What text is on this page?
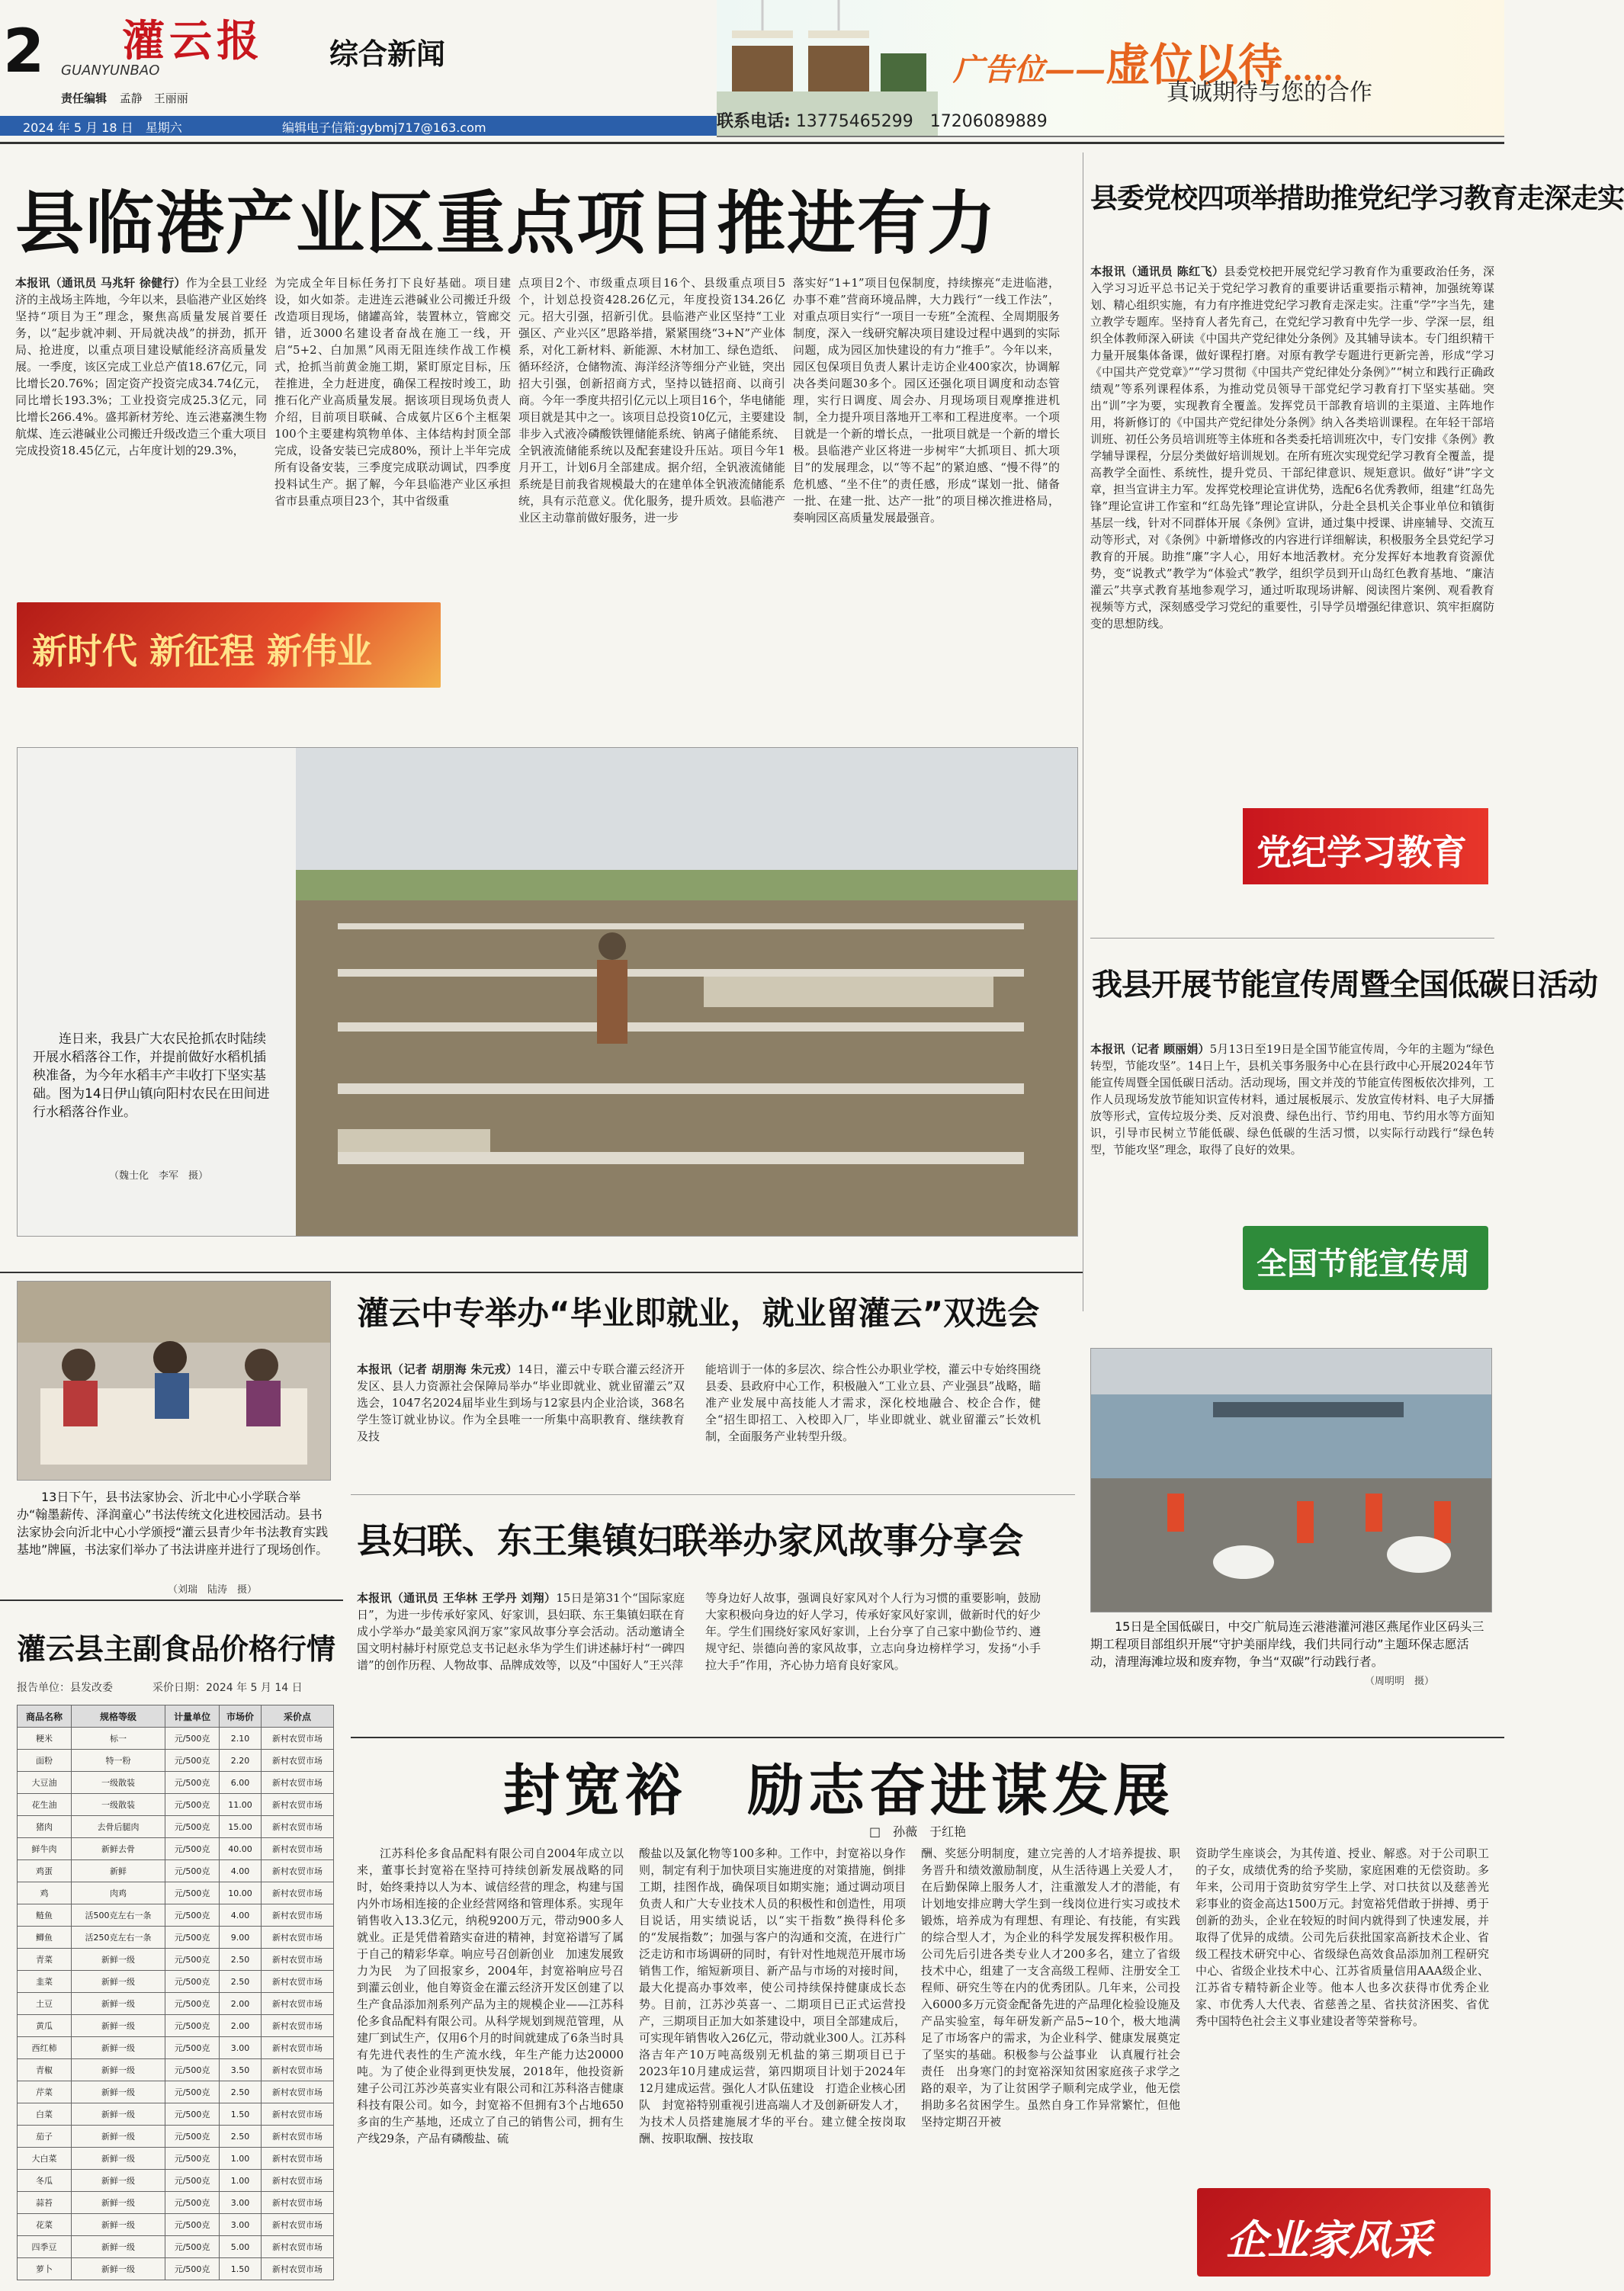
2 灌云报
GUANYUNBAO
责任编辑 孟静　王丽丽
综合新闻
2024 年 5 月 18 日　星期六	编辑电子信箱:gybmj717@163.com
广告位——虚位以待……
真诚期待与您的合作
联系电话: 13775465299　17206089889
县临港产业区重点项目推进有力
本报讯（通讯员 马兆轩 徐健行）作为全县工业经济的主战场主阵地，今年以来，县临港产业区始终坚持“项目为王”理念，聚焦高质量发展首要任务，以“起步就冲刺、开局就决战”的拼劲，抓开局、抢进度，以重点项目建设赋能经济高质量发展。一季度，该区完成工业总产值18.67亿元，同比增长20.76%；固定资产投资完成34.74亿元，同比增长193.3%；工业投资完成25.3亿元，同比增长266.4%。盛邦新材芳纶、连云港嘉澳生物航煤、连云港碱业公司搬迁升级改造三个重大项目完成投资18.45亿元，占年度计划的29.3%，
为完成全年目标任务打下良好基础。项目建设，如火如荼。走进连云港碱业公司搬迁升级改造项目现场，储罐高耸，装置林立，管廊交错，近3000名建设者奋战在施工一线，开启“5+2、白加黑”风雨无阻连续作战工作模式，抢抓当前黄金施工期，紧盯原定目标，压茬推进，全力赶进度，确保工程按时竣工，助推石化产业高质量发展。据该项目现场负责人介绍，目前项目联碱、合成氨片区6个主框架100个主要建构筑物单体、主体结构封顶全部完成，设备安装已完成80%，预计上半年完成所有设备安装，三季度完成联动调试，四季度投料试生产。据了解，今年县临港产业区承担省市县重点项目23个，其中省级重
点项目2个、市级重点项目16个、县级重点项目5个，计划总投资428.26亿元，年度投资134.26亿元。招大引强，招新引优。县临港产业区坚持“工业强区、产业兴区”思路举措，紧紧围绕“3+N”产业体系，对化工新材料、新能源、木材加工、绿色造纸、循环经济，仓储物流、海洋经济等细分产业链，突出招大引强，创新招商方式，坚持以链招商、以商引商。今年一季度共招引亿元以上项目16个，华电储能项目就是其中之一。该项目总投资10亿元，主要建设非步入式液冷磷酸铁锂储能系统、钠离子储能系统、全钒液流储能系统以及配套建设升压站。项目今年1月开工，计划6月全部建成。据介绍，全钒液流储能系统是目前我省规模最大的在建单体全钒液流储能系统，具有示范意义。优化服务，提升质效。县临港产业区主动靠前做好服务，进一步
落实好“1+1”项目包保制度，持续擦亮“走进临港，办事不难”营商环境品牌，大力践行“一线工作法”，对重点项目实行“一项目一专班”全流程、全周期服务制度，深入一线研究解决项目建设过程中遇到的实际问题，成为园区加快建设的有力“推手”。今年以来，园区包保项目负责人累计走访企业400家次，协调解决各类问题30多个。园区还强化项目调度和动态管理，实行日调度、周会办、月现场项目观摩推进机制，全力提升项目落地开工率和工程进度率。一个项目就是一个新的增长点，一批项目就是一个新的增长极。县临港产业区将进一步树牢“大抓项目、抓大项目”的发展理念，以“等不起”的紧迫感、“慢不得”的危机感、“坐不住”的责任感，形成“谋划一批、储备一批、在建一批、达产一批”的项目梯次推进格局，奏响园区高质量发展最强音。
新时代 新征程 新伟业
连日来，我县广大农民抢抓农时陆续开展水稻落谷工作，并提前做好水稻机插秧准备，为今年水稻丰产丰收打下坚实基础。图为14日伊山镇向阳村农民在田间进行水稻落谷作业。
（魏士化　李军　摄）
县委党校四项举措助推党纪学习教育走深走实
本报讯（通讯员 陈红飞）县委党校把开展党纪学习教育作为重要政治任务，深入学习习近平总书记关于党纪学习教育的重要讲话重要指示精神，加强统筹谋划、精心组织实施，有力有序推进党纪学习教育走深走实。注重“学”字当先，建立教学专题库。坚持育人者先育己，在党纪学习教育中先学一步、学深一层，组织全体教师深入研读《中国共产党纪律处分条例》及其辅导读本。专门组织精干力量开展集体备课，做好课程打磨。对原有教学专题进行更新完善，形成“学习《中国共产党党章》”“学习贯彻《中国共产党纪律处分条例》”“树立和践行正确政绩观”等系列课程体系，为推动党员领导干部党纪学习教育打下坚实基础。突出“训”字为要，实现教育全覆盖。发挥党员干部教育培训的主渠道、主阵地作用，将新修订的《中国共产党纪律处分条例》纳入各类培训课程。在年轻干部培训班、初任公务员培训班等主体班和各类委托培训班次中，专门安排《条例》教学辅导课程，分层分类做好培训规划。在所有班次实现党纪学习教育全覆盖，提高教学全面性、系统性，提升党员、干部纪律意识、规矩意识。做好“讲”字文章，担当宣讲主力军。发挥党校理论宣讲优势，选配6名优秀教师，组建“红岛先锋”理论宣讲工作室和“红岛先锋”理论宣讲队，分赴全县机关企事业单位和镇街基层一线，针对不同群体开展《条例》宣讲，通过集中授课、讲座辅导、交流互动等形式，对《条例》中新增修改的内容进行详细解读，积极服务全县党纪学习教育的开展。助推“廉”字人心，用好本地活教材。充分发挥好本地教育资源优势，变“说教式”教学为“体验式”教学，组织学员到开山岛红色教育基地、“廉洁灌云”共享式教育基地参观学习，通过听取现场讲解、阅读图片案例、观看教育视频等方式，深刻感受学习党纪的重要性，引导学员增强纪律意识、筑牢拒腐防变的思想防线。
党纪学习教育
我县开展节能宣传周暨全国低碳日活动
本报讯（记者 顾丽娟）5月13日至19日是全国节能宣传周，今年的主题为“绿色转型，节能攻坚”。14日上午，县机关事务服务中心在县行政中心开展2024年节能宣传周暨全国低碳日活动。活动现场，围文并茂的节能宣传图板依次排列，工作人员现场发放节能知识宣传材料，通过展板展示、发放宣传材料、电子大屏播放等形式，宣传垃圾分类、反对浪费、绿色出行、节约用电、节约用水等方面知识，引导市民树立节能低碳、绿色低碳的生活习惯，以实际行动践行“绿色转型，节能攻坚”理念，取得了良好的效果。
全国节能宣传周
13日下午，县书法家协会、沂北中心小学联合举办“翰墨薪传、泽润童心”书法传统文化进校园活动。县书法家协会向沂北中心小学颁授“灌云县青少年书法教育实践基地”牌匾，书法家们举办了书法讲座并进行了现场创作。
（刘瑞　陆涛　摄）
灌云中专举办“毕业即就业，就业留灌云”双选会
本报讯（记者 胡朋海 朱元戎）14日，灌云中专联合灌云经济开发区、县人力资源社会保障局举办“毕业即就业、就业留灌云”双选会，1047名2024届毕业生到场与12家县内企业洽谈，368名学生签订就业协议。作为全县唯一一所集中高职教育、继续教育及技
能培训于一体的多层次、综合性公办职业学校，灌云中专始终围绕县委、县政府中心工作，积极融入“工业立县、产业强县”战略，瞄准产业发展中高技能人才需求，深化校地融合、校企合作，健全“招生即招工、入校即入厂，毕业即就业、就业留灌云”长效机制，全面服务产业转型升级。
县妇联、东王集镇妇联举办家风故事分享会
本报讯（通讯员 王华林 王学丹 刘翔）15日是第31个“国际家庭日”，为进一步传承好家风、好家训，县妇联、东王集镇妇联在育成小学举办“最美家风润万家”家风故事分享会活动。活动邀请全国文明村赫圩村原党总支书记赵永华为学生们讲述赫圩村“一碑四谱”的创作历程、人物故事、品牌成效等，以及“中国好人”王兴萍
等身边好人故事，强调良好家风对个人行为习惯的重要影响，鼓励大家积极向身边的好人学习，传承好家风好家训，做新时代的好少年。学生们围绕好家风好家训，上台分享了自己家中勤俭节约、遵规守纪、崇德向善的家风故事，立志向身边榜样学习，发扬“小手拉大手”作用，齐心协力培育良好家风。
15日是全国低碳日，中交广航局连云港港灌河港区燕尾作业区码头三期工程项目部组织开展“守护美丽岸线，我们共同行动”主题环保志愿活动，清理海滩垃圾和废弃物，争当“双碳”行动践行者。
（周明明　摄）
灌云县主副食品价格行情
报告单位：县发改委	采价日期：2024 年 5 月 14 日
商品名称	规格等级	计量单位	市场价	采价点
粳米	标一	元/500克	2.10	新村农贸市场
面粉	特一粉	元/500克	2.20	新村农贸市场
大豆油	一级散装	元/500克	6.00	新村农贸市场
花生油	一级散装	元/500克	11.00	新村农贸市场
猪肉	去骨后腿肉	元/500克	15.00	新村农贸市场
鲜牛肉	新鲜去骨	元/500克	40.00	新村农贸市场
鸡蛋	新鲜	元/500克	4.00	新村农贸市场
鸡	肉鸡	元/500克	10.00	新村农贸市场
鲢鱼	活500克左右一条	元/500克	4.00	新村农贸市场
鲫鱼	活250克左右一条	元/500克	9.00	新村农贸市场
青菜	新鲜一级	元/500克	2.50	新村农贸市场
韭菜	新鲜一级	元/500克	2.50	新村农贸市场
土豆	新鲜一级	元/500克	2.00	新村农贸市场
黄瓜	新鲜一级	元/500克	2.00	新村农贸市场
西红柿	新鲜一级	元/500克	3.00	新村农贸市场
青椒	新鲜一级	元/500克	3.50	新村农贸市场
芹菜	新鲜一级	元/500克	2.50	新村农贸市场
白菜	新鲜一级	元/500克	1.50	新村农贸市场
茄子	新鲜一级	元/500克	2.50	新村农贸市场
大白菜	新鲜一级	元/500克	1.00	新村农贸市场
冬瓜	新鲜一级	元/500克	1.00	新村农贸市场
蒜苔	新鲜一级	元/500克	3.00	新村农贸市场
花菜	新鲜一级	元/500克	3.00	新村农贸市场
四季豆	新鲜一级	元/500克	5.00	新村农贸市场
萝卜	新鲜一级	元/500克	1.50	新村农贸市场
封宽裕　励志奋进谋发展
□　孙薇　于红艳
江苏科伦多食品配料有限公司自2004年成立以来，董事长封宽裕在坚持可持续创新发展战略的同时，始终秉持以人为本、诚信经营的理念，构建与国内外市场相连接的企业经营网络和管理体系。实现年销售收入13.3亿元，纳税9200万元，带动900多人就业。正是凭借着踏实奋进的精神，封宽裕谱写了属于自己的精彩华章。响应号召创新创业　加速发展致力为民　为了回报家乡，2004年，封宽裕响应号召到灌云创业，他自筹资金在灌云经济开发区创建了以生产食品添加剂系列产品为主的规模企业——江苏科伦多食品配料有限公司。从科学规划到规范管理，从建厂到试生产，仅用6个月的时间就建成了6条当时具有先进代表性的生产流水线，年生产能力达20000吨。为了使企业得到更快发展，2018年，他投资新建子公司江苏沙英喜实业有限公司和江苏科洛吉健康科技有限公司。如今，封宽裕不但拥有3个占地650多亩的生产基地，还成立了自己的销售公司，拥有生产线29条，产品有磷酸盐、硫
酸盐以及氯化物等100多种。工作中，封宽裕以身作则，制定有利于加快项目实施进度的对策措施，倒排工期，挂图作战，确保项目如期实施；通过调动项目负责人和广大专业技术人员的积极性和创造性，用项目说话，用实绩说话，以“实干指数”换得科伦多的“发展指数”；加强与客户的沟通和交流，在进行广泛走访和市场调研的同时，有针对性地规范开展市场销售工作，缩短新项目、新产品与市场的对接时间，最大化提高办事效率，使公司持续保持健康成长态势。目前，江苏沙英喜一、二期项目已正式运营投产，三期项目正加大如茶建设中，项目全部建成后，可实现年销售收入26亿元，带动就业300人。江苏科洛吉年产10万吨高级别无机盐的第三期项目已于2023年10月建成运营，第四期项目计划于2024年12月建成运营。强化人才队伍建设　打造企业核心团队　封宽裕特别重视引进高端人才及创新研发人才，为技术人员搭建施展才华的平台。建立健全按岗取酬、按职取酬、按技取
酬、奖惩分明制度，建立完善的人才培养提拔、职务晋升和绩效激励制度，从生活待遇上关爱人才，在后勤保障上服务人才，注重激发人才的潜能，有计划地安排应聘大学生到一线岗位进行实习或技术锻炼，培养成为有理想、有理论、有技能，有实践的综合型人才，为企业的科学发展发挥积极作用。公司先后引进各类专业人才200多名，建立了省级技术中心，组建了一支含高级工程师、注册安全工程师、研究生等在内的优秀团队。几年来，公司投入6000多万元资金配备先进的产品理化检验设施及产品实验室，每年研发新产品5~10个，极大地满足了市场客户的需求，为企业科学、健康发展奠定了坚实的基础。积极参与公益事业　认真履行社会责任　出身寒门的封宽裕深知贫困家庭孩子求学之路的艰辛，为了让贫困学子顺利完成学业，他无偿捐助多名贫困学生。虽然自身工作异常繁忙，但他坚持定期召开被
资助学生座谈会，为其传道、授业、解惑。对于公司职工的子女，成绩优秀的给予奖励，家庭困难的无偿资助。多年来，公司用于资助贫穷学生上学、对口扶贫以及慈善光彩事业的资金高达1500万元。封宽裕凭借敢于拼搏、勇于创新的劲头，企业在较短的时间内就得到了快速发展，并取得了优异的成绩。公司先后获批国家高新技术企业、省级工程技术研究中心、省级绿色高效食品添加剂工程研究中心、省级企业技术中心、江苏省质量信用AAA级企业、江苏省专精特新企业等。他本人也多次获得市优秀企业家、市优秀人大代表、省慈善之星、省扶贫济困奖、省优秀中国特色社会主义事业建设者等荣誉称号。
企业家风采
